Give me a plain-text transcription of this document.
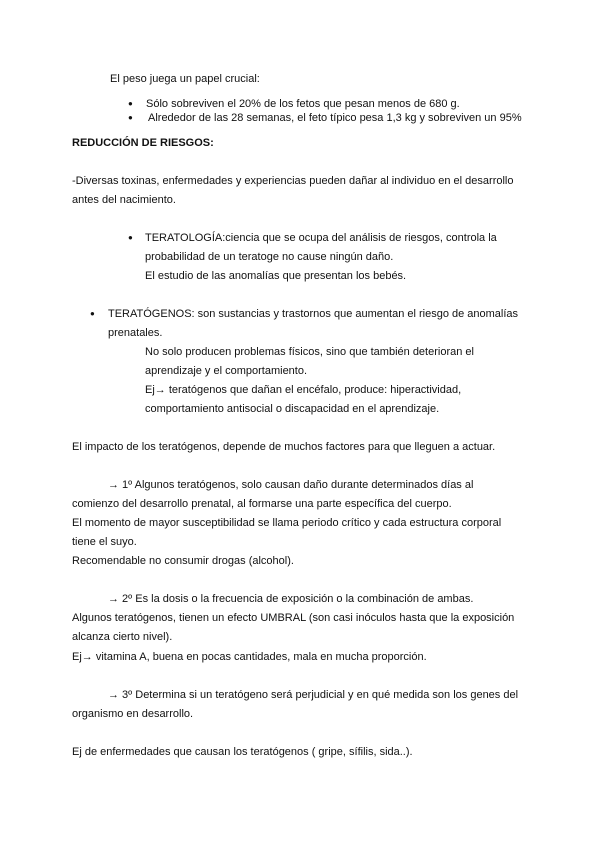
El peso juega un papel crucial:
● Sólo sobreviven el 20% de los fetos que pesan menos de 680 g.
● Alrededor de las 28 semanas, el feto típico pesa 1,3 kg y sobreviven un 95%
REDUCCIÓN DE RIESGOS:
-Diversas toxinas, enfermedades y experiencias pueden dañar al individuo en el desarrollo
antes del nacimiento.
● TERATOLOGÍA:ciencia que se ocupa del análisis de riesgos, controla la
probabilidad de un teratoge no cause ningún daño.
El estudio de las anomalías que presentan los bebés.
● TERATÓGENOS: son sustancias y trastornos que aumentan el riesgo de anomalías
prenatales.
No solo producen problemas físicos, sino que también deterioran el
aprendizaje y el comportamiento.
Ej→ teratógenos que dañan el encéfalo, produce: hiperactividad,
comportamiento antisocial o discapacidad en el aprendizaje.
El impacto de los teratógenos, depende de muchos factores para que lleguen a actuar.
→ 1º Algunos teratógenos, solo causan daño durante determinados días al
comienzo del desarrollo prenatal, al formarse una parte específica del cuerpo.
El momento de mayor susceptibilidad se llama periodo crítico y cada estructura corporal
tiene el suyo.
Recomendable no consumir drogas (alcohol).
→ 2º Es la dosis o la frecuencia de exposición o la combinación de ambas.
Algunos teratógenos, tienen un efecto UMBRAL (son casi inóculos hasta que la exposición
alcanza cierto nivel).
Ej→ vitamina A, buena en pocas cantidades, mala en mucha proporción.
→ 3º Determina si un teratógeno será perjudicial y en qué medida son los genes del
organismo en desarrollo.
Ej de enfermedades que causan los teratógenos ( gripe, sífilis, sida..).
